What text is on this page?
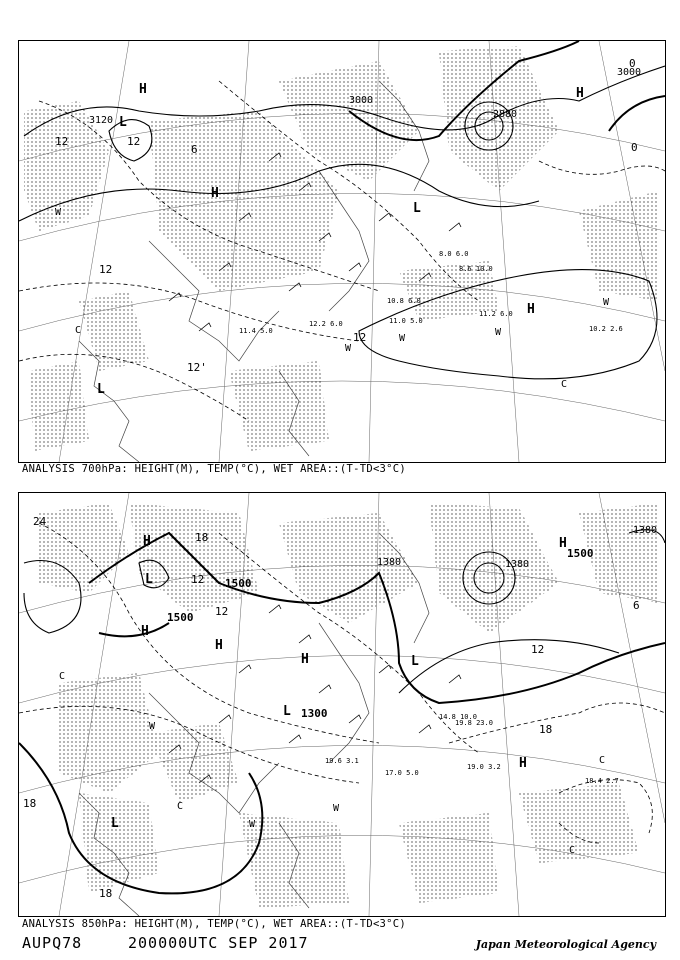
3120
3000
2880
3000
H
L
H
H
L
H
L
12	12
12
12
12'
6	0
0
W
W
W
W
W
C
C
11.2 6.0
10.2 2.6
11.0 5.0
10.8 6.0
11.4 5.0
12.2 6.0
8.6 10.0
8.0 6.0
ANALYSIS 700hPa: HEIGHT(M), TEMP(°C), WET AREA::(T-TD<3°C)
1500
1500
1500
1380
1380
1380
1300
H
L
H
H
H	L
L
H
H
L
24
18
12
12
12
18
18
18
6
W
W
W
C
C
C
C
19.0 3.2
18.4 2.7
17.0 5.0
19.6 3.1
14.8 10.0
19.8 23.0
ANALYSIS 850hPa: HEIGHT(M), TEMP(°C), WET AREA::(T-TD<3°C)
AUPQ78	200000UTC SEP 2017	Japan Meteorological Agency
